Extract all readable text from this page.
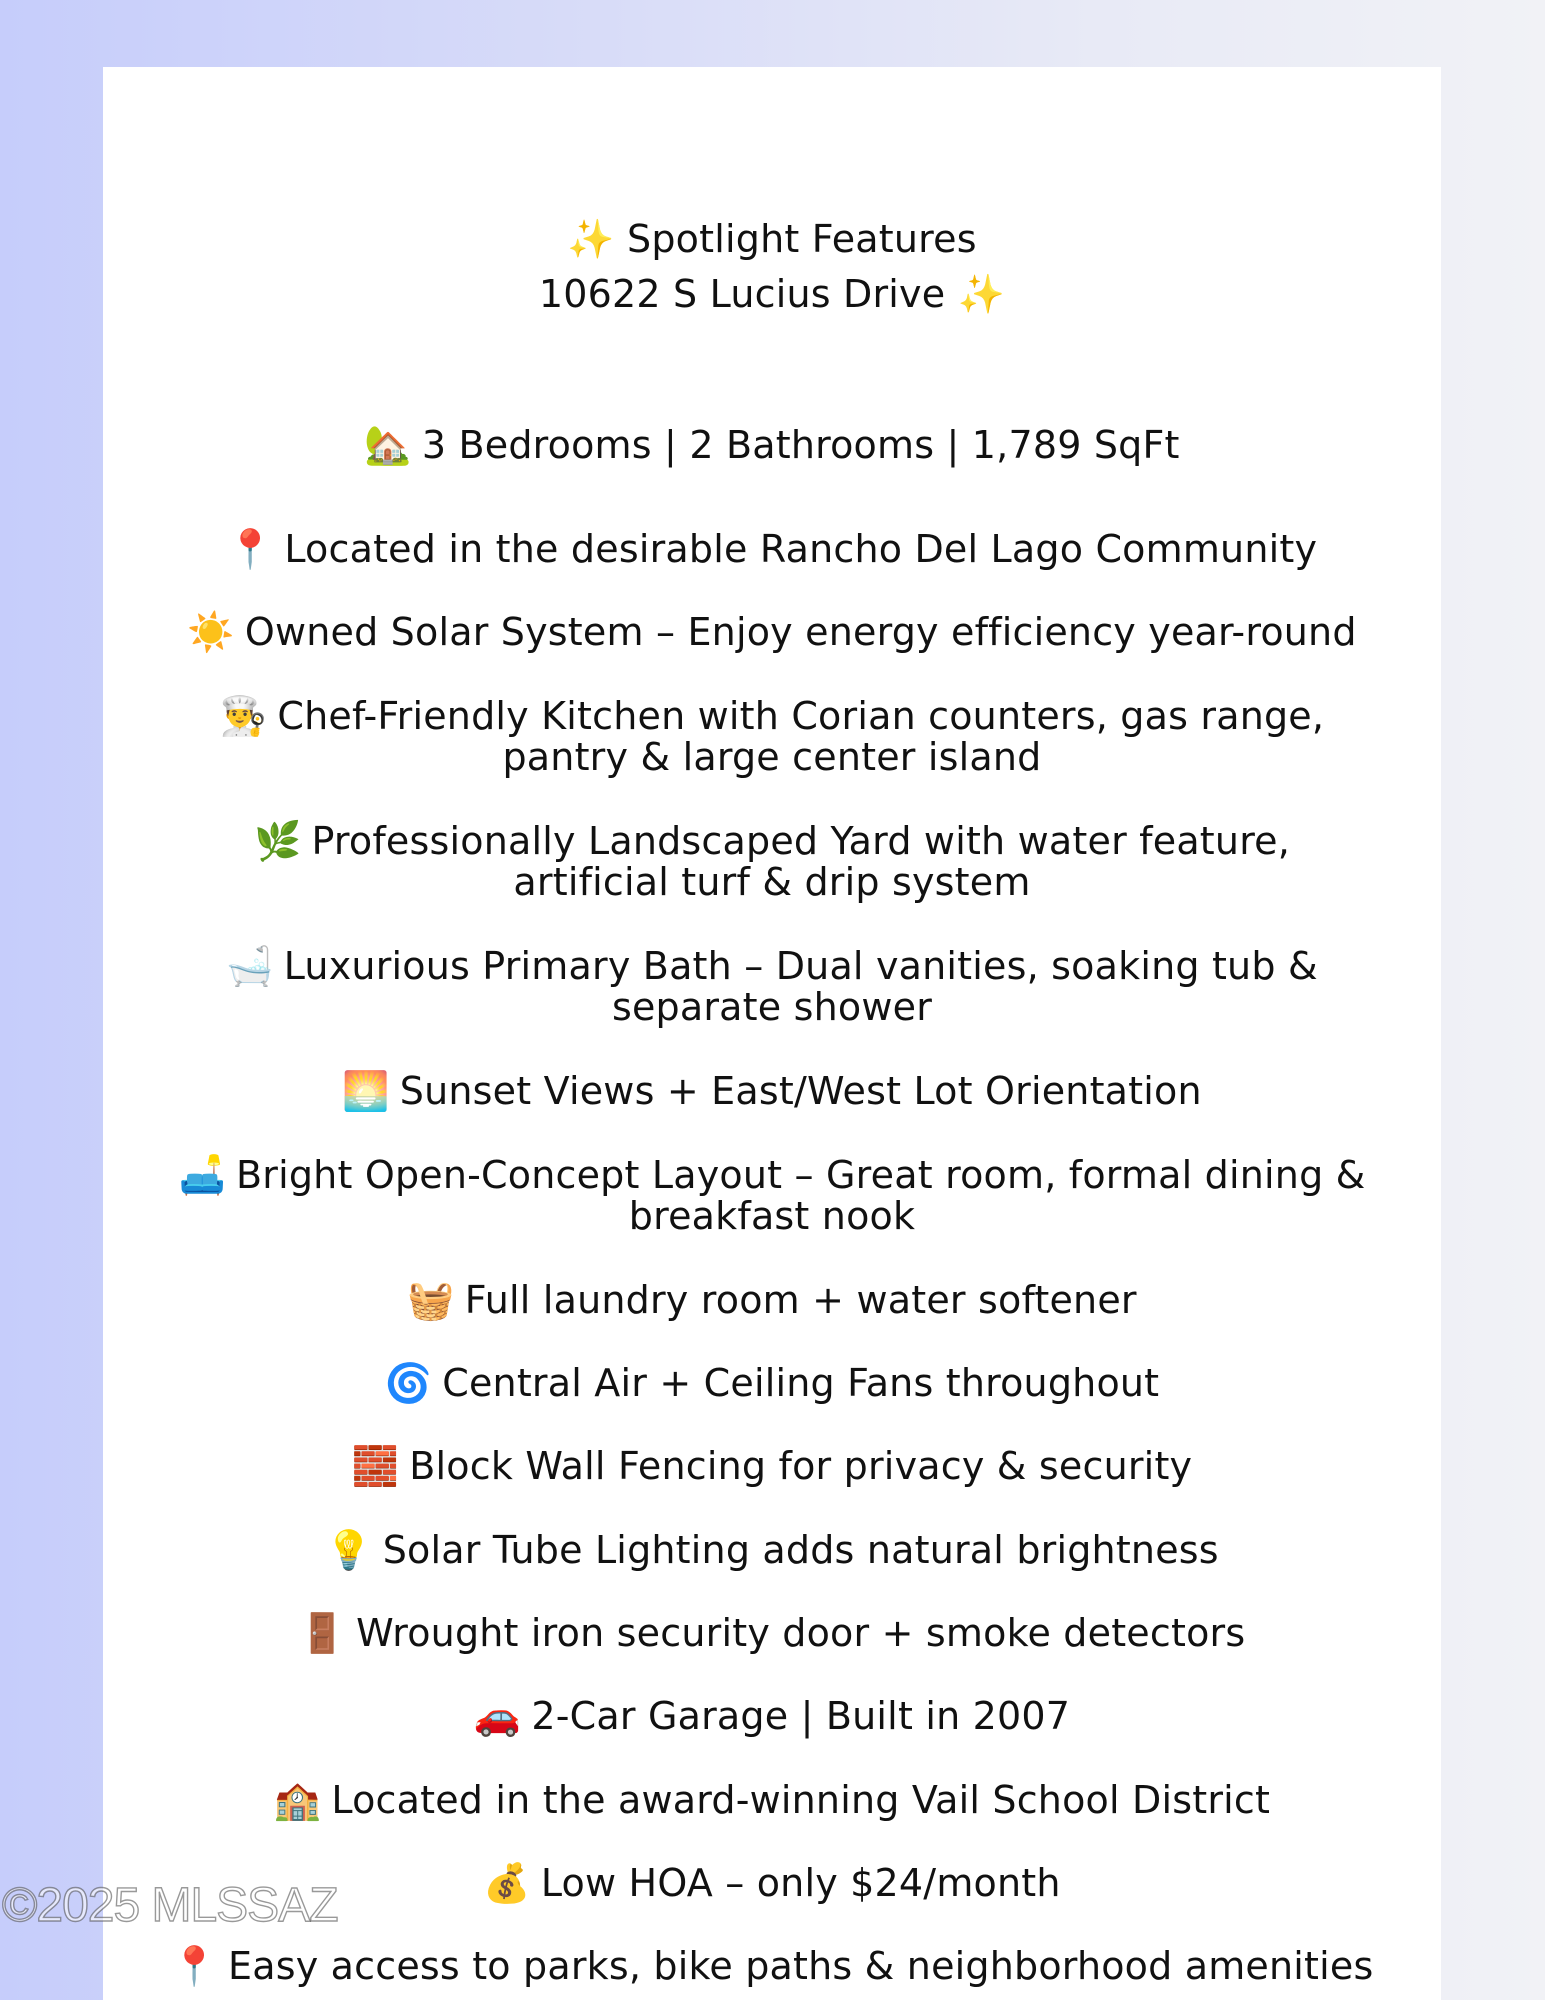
✨ Spotlight Features
10622 S Lucius Drive ✨

🏡 3 Bedrooms | 2 Bathrooms | 1,789 SqFt

📍 Located in the desirable Rancho Del Lago Community

☀️ Owned Solar System – Enjoy energy efficiency year-round

👨‍🍳 Chef-Friendly Kitchen with Corian counters, gas range,
pantry & large center island

🌿 Professionally Landscaped Yard with water feature,
artificial turf & drip system

🛁 Luxurious Primary Bath – Dual vanities, soaking tub &
separate shower

🌅 Sunset Views + East/West Lot Orientation

🛋️ Bright Open-Concept Layout – Great room, formal dining &
breakfast nook

🧺 Full laundry room + water softener

🌀 Central Air + Ceiling Fans throughout

🧱 Block Wall Fencing for privacy & security

💡 Solar Tube Lighting adds natural brightness

🚪 Wrought iron security door + smoke detectors

🚗 2-Car Garage | Built in 2007

🏫 Located in the award-winning Vail School District

💰 Low HOA – only $24/month

📍 Easy access to parks, bike paths & neighborhood amenities

©2025 MLSSAZ
